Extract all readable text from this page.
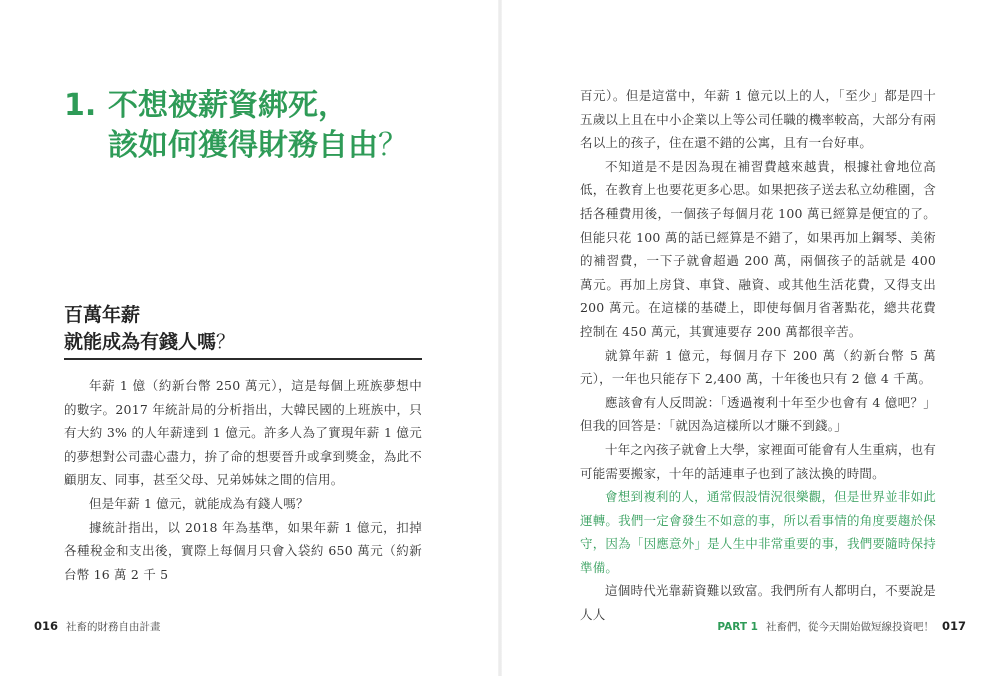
1. 不想被薪資綁死，
該如何獲得財務自由？
百萬年薪
就能成為有錢人嗎？

年薪 1 億（約新台幣 250 萬元），這是每個上班族夢想中的數字。2017 年統計局的分析指出，大韓民國的上班族中，只有大約 3% 的人年薪達到 1 億元。許多人為了實現年薪 1 億元的夢想對公司盡心盡力，拚了命的想要晉升或拿到獎金，為此不顧朋友、同事，甚至父母、兄弟姊妹之間的信用。

但是年薪 1 億元，就能成為有錢人嗎？

據統計指出，以 2018 年為基準，如果年薪 1 億元，扣掉各種稅金和支出後，實際上每個月只會入袋約 650 萬元（約新台幣 16 萬 2 千 5

016 社畜的財務自由計畫

百元）。但是這當中，年薪 1 億元以上的人，「至少」都是四十五歲以上且在中小企業以上等公司任職的機率較高，大部分有兩名以上的孩子，住在還不錯的公寓，且有一台好車。

不知道是不是因為現在補習費越來越貴，根據社會地位高低，在教育上也要花更多心思。如果把孩子送去私立幼稚園，含括各種費用後，一個孩子每個月花 100 萬已經算是便宜的了。但能只花 100 萬的話已經算是不錯了，如果再加上鋼琴、美術的補習費，一下子就會超過 200 萬，兩個孩子的話就是 400 萬元。再加上房貸、車貸、融資、或其他生活花費，又得支出 200 萬元。在這樣的基礎上，即使每個月省著點花，總共花費控制在 450 萬元，其實連要存 200 萬都很辛苦。

就算年薪 1 億元，每個月存下 200 萬（約新台幣 5 萬元），一年也只能存下 2,400 萬，十年後也只有 2 億 4 千萬。

應該會有人反問說：「透過複利十年至少也會有 4 億吧？」但我的回答是：「就因為這樣所以才賺不到錢。」

十年之內孩子就會上大學，家裡面可能會有人生重病，也有可能需要搬家，十年的話連車子也到了該汰換的時間。

會想到複利的人，通常假設情況很樂觀，但是世界並非如此運轉。我們一定會發生不如意的事，所以看事情的角度要趨於保守，因為「因應意外」是人生中非常重要的事，我們要隨時保持準備。

這個時代光靠薪資難以致富。我們所有人都明白，不要說是人人

PART 1 社畜們，從今天開始做短線投資吧！ 017
